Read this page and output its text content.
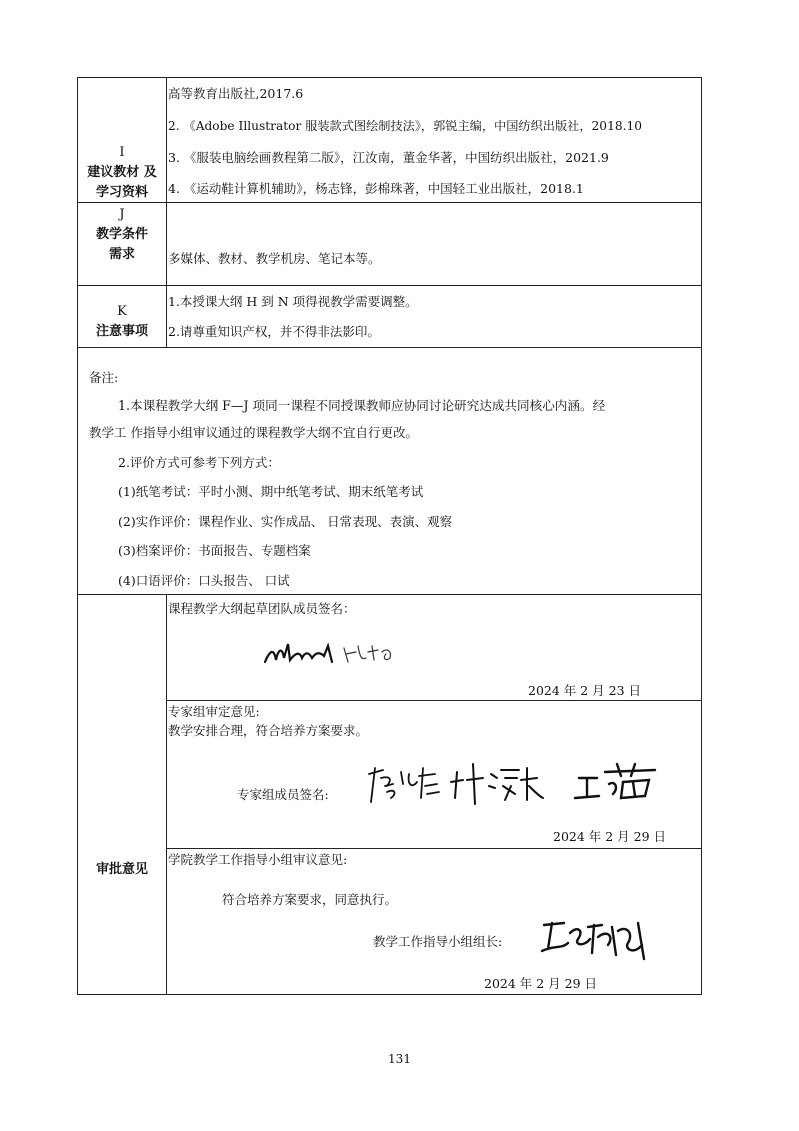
I
建议教材 及
学习资料
高等教育出版社,2017.6
2. 《Adobe Illustrator 服装款式图绘制技法》，郭锐主编，中国纺织出版社，2018.10
3. 《服装电脑绘画教程第二版》，江汝南，董金华著，中国纺织出版社，2021.9
4. 《运动鞋计算机辅助》，杨志锋，彭棉珠著，中国轻工业出版社，2018.1
J
教学条件
需求	多媒体、教材、教学机房、笔记本等。
K
注意事项
1.本授课大纲 H 到 N 项得视教学需要调整。
2.请尊重知识产权，并不得非法影印。
备注:
1.本课程教学大纲 F—J 项同一课程不同授课教师应协同讨论研究达成共同核心内涵。经
教学工 作指导小组审议通过的课程教学大纲不宜自行更改。
2.评价方式可参考下列方式：
(1)纸笔考试：平时小测、期中纸笔考试、期末纸笔考试
(2)实作评价：课程作业、实作成品、 日常表现、表演、观察
(3)档案评价：书面报告、专题档案
(4)口语评价：口头报告、 口试
审批意见
课程教学大纲起草团队成员签名：
2024 年 2 月 23 日
专家组审定意见:
教学安排合理，符合培养方案要求。
专家组成员签名:
2024 年 2 月 29 日
学院教学工作指导小组审议意见:
符合培养方案要求，同意执行。
教学工作指导小组组长:
2024 年 2 月 29 日
131
